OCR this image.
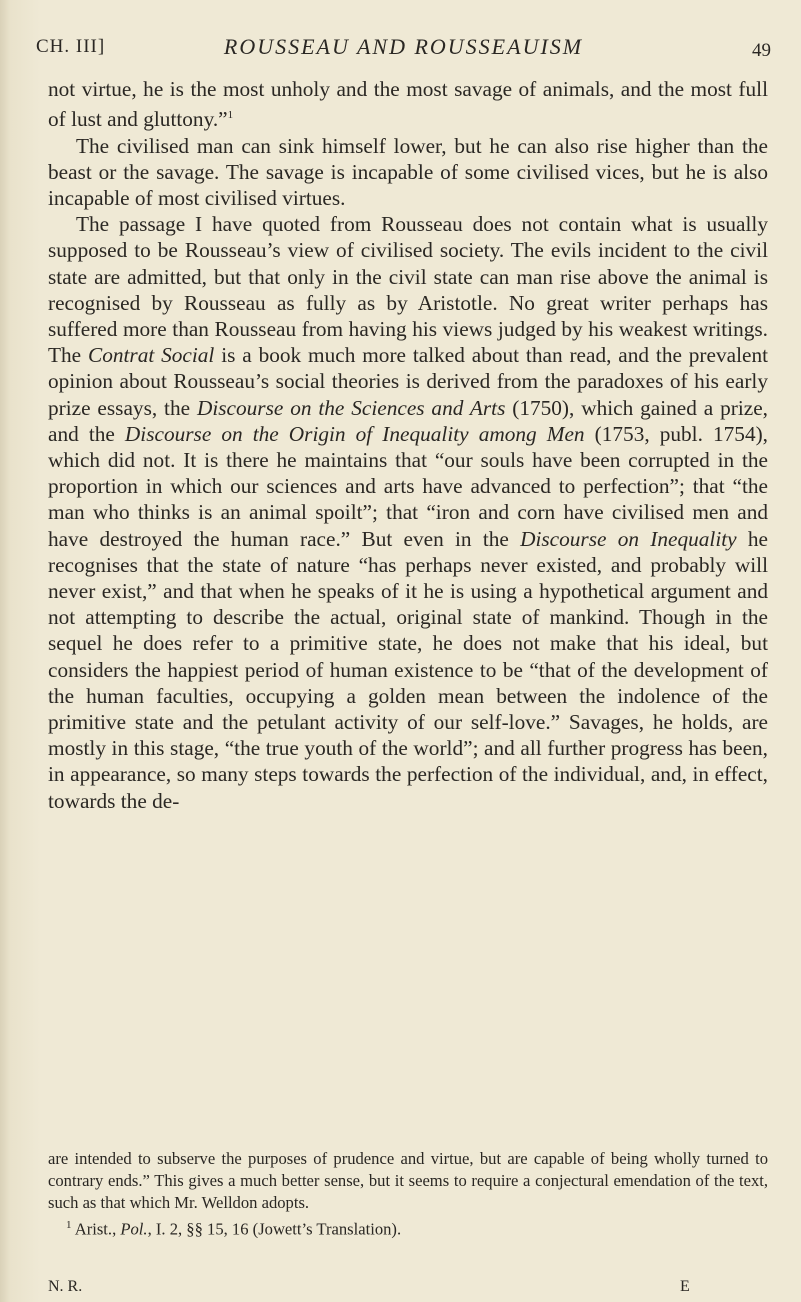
CH. III]	ROUSSEAU AND ROUSSEAUISM	49

not virtue, he is the most unholy and the most savage of animals, and the most full of lust and gluttony.”$^1$

The civilised man can sink himself lower, but he can also rise higher than the beast or the savage. The savage is incapable of some civilised vices, but he is also incapable of most civilised virtues.

The passage I have quoted from Rousseau does not contain what is usually supposed to be Rousseau’s view of civilised society. The evils incident to the civil state are admitted, but that only in the civil state can man rise above the animal is recognised by Rousseau as fully as by Aristotle. No great writer perhaps has suffered more than Rousseau from having his views judged by his weakest writings. The Contrat Social is a book much more talked about than read, and the prevalent opinion about Rousseau’s social theories is derived from the paradoxes of his early prize essays, the Discourse on the Sciences and Arts (1750), which gained a prize, and the Discourse on the Origin of Inequality among Men (1753, publ. 1754), which did not. It is there he maintains that “our souls have been corrupted in the proportion in which our sciences and arts have advanced to perfection”; that “the man who thinks is an animal spoilt”; that “iron and corn have civilised men and have destroyed the human race.” But even in the Discourse on Inequality he recognises that the state of nature “has perhaps never existed, and probably will never exist,” and that when he speaks of it he is using a hypothetical argument and not attempting to describe the actual, original state of mankind. Though in the sequel he does refer to a primitive state, he does not make that his ideal, but considers the happiest period of human existence to be “that of the development of the human faculties, occupying a golden mean between the indolence of the primitive state and the petulant activity of our self-love.” Savages, he holds, are mostly in this stage, “the true youth of the world”; and all further progress has been, in appearance, so many steps towards the perfection of the individual, and, in effect, towards the de-

are intended to subserve the purposes of prudence and virtue, but are capable of being wholly turned to contrary ends.” This gives a much better sense, but it seems to require a conjectural emendation of the text, such as that which Mr. Welldon adopts.

$^1$ Arist., Pol., I. 2, §§ 15, 16 (Jowett’s Translation).

N. R.	E
